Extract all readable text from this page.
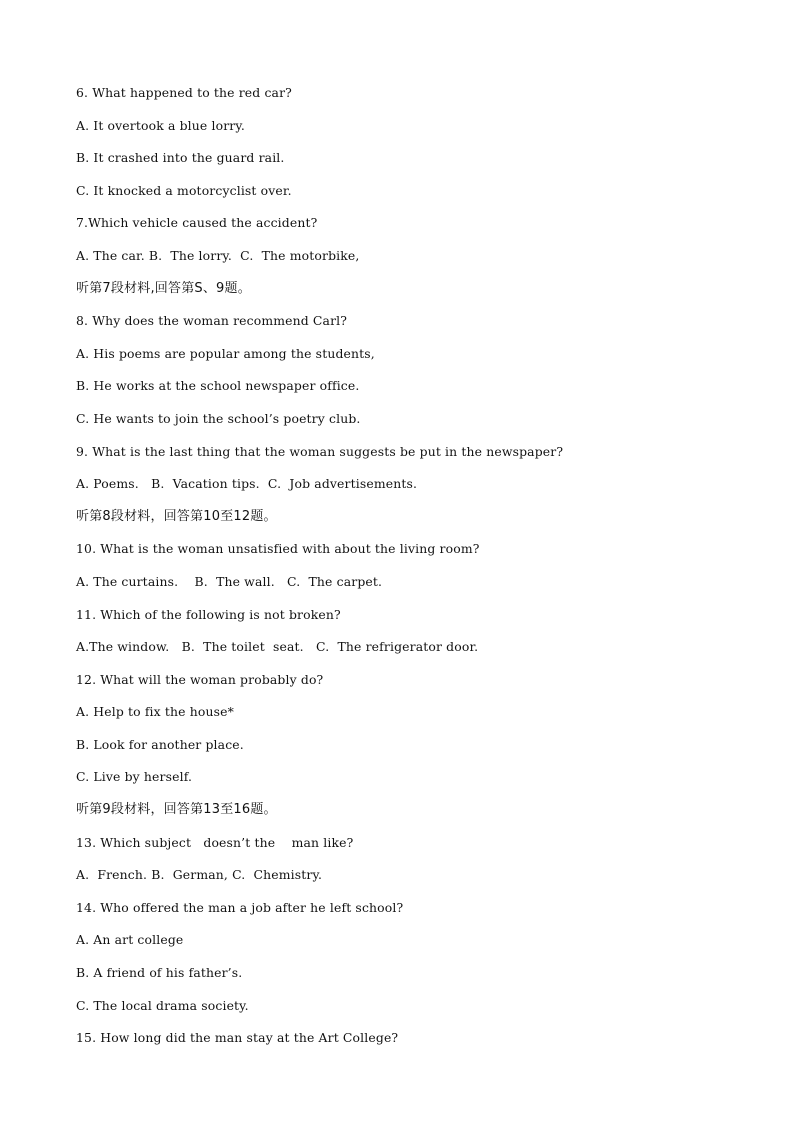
6. What happened to the red car?
A. It overtook a blue lorry.
B. It crashed into the guard rail.
C. It knocked a motorcyclist over.
7.Which vehicle caused the accident?
A. The car. B.  The lorry.  C.  The motorbike,
听第7段材料,回答第S、9题。
8. Why does the woman recommend Carl?
A. His poems are popular among the students,
B. He works at the school newspaper office.
C. He wants to join the school’s poetry club.
9. What is the last thing that the woman suggests be put in the newspaper?
A. Poems.   B.  Vacation tips.  C.  Job advertisements.
听第8段材料，回答第10至12题。
10. What is the woman unsatisfied with about the living room?
A. The curtains.    B.  The wall.   C.  The carpet.
11. Which of the following is not broken?
A.The window.   B.  The toilet  seat.   C.  The refrigerator door.
12. What will the woman probably do?
A. Help to fix the house*
B. Look for another place.
C. Live by herself.
听第9段材料，回答第13至16题。
13. Which subject   doesn’t the    man like?
A.  French. B.  German, C.  Chemistry.
14. Who offered the man a job after he left school?
A. An art college
B. A friend of his father’s.
C. The local drama society.
15. How long did the man stay at the Art College?
